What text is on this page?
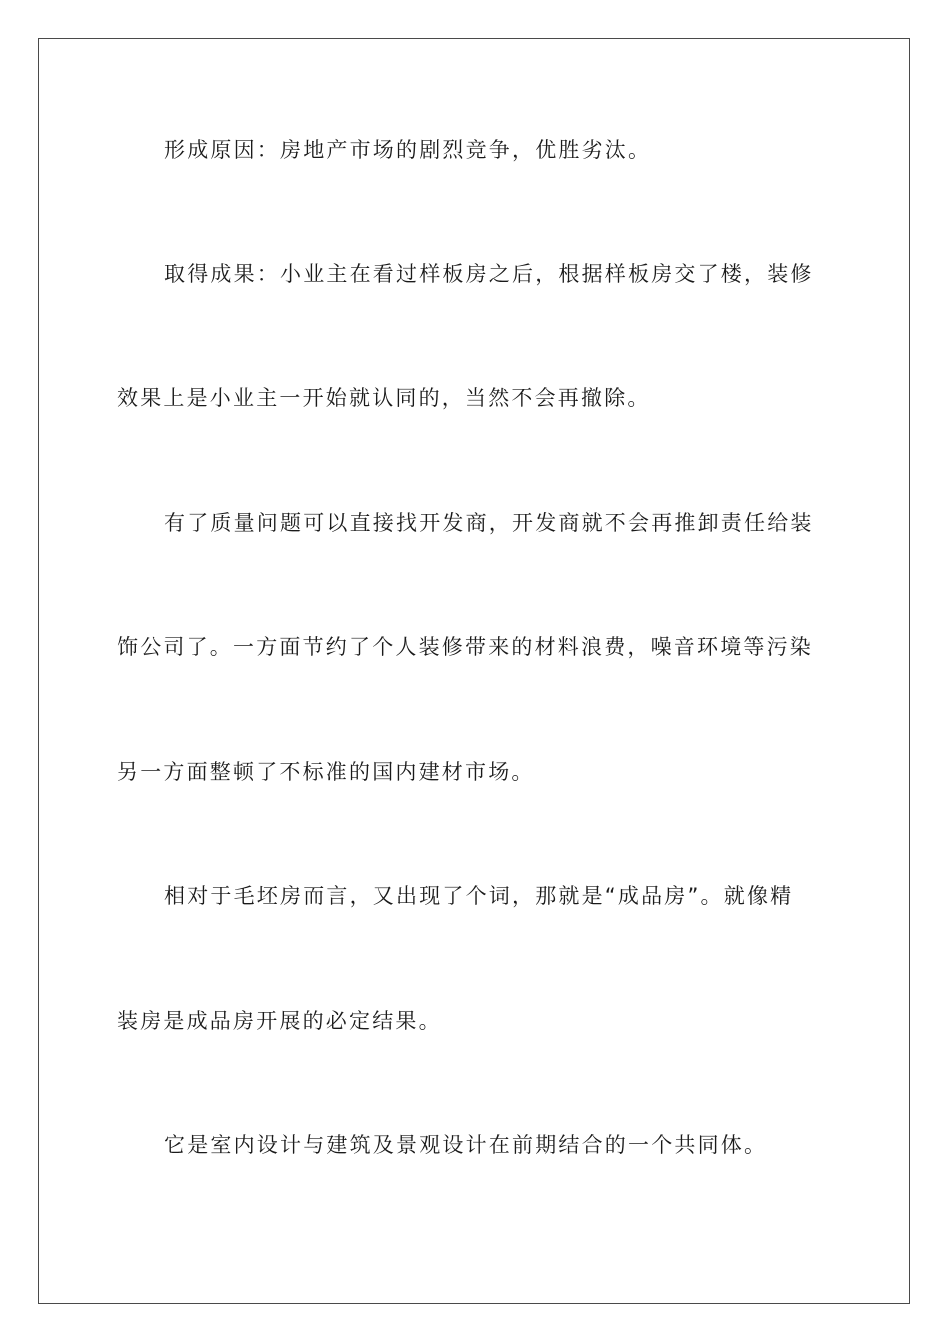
形成原因：房地产市场的剧烈竞争，优胜劣汰。

取得成果：小业主在看过样板房之后，根据样板房交了楼，装修

效果上是小业主一开始就认同的，当然不会再撤除。

有了质量问题可以直接找开发商，开发商就不会再推卸责任给装

饰公司了。一方面节约了个人装修带来的材料浪费，噪音环境等污染

另一方面整顿了不标准的国内建材市场。

相对于毛坯房而言，又出现了个词，那就是“成品房”。就像精

装房是成品房开展的必定结果。

它是室内设计与建筑及景观设计在前期结合的一个共同体。
